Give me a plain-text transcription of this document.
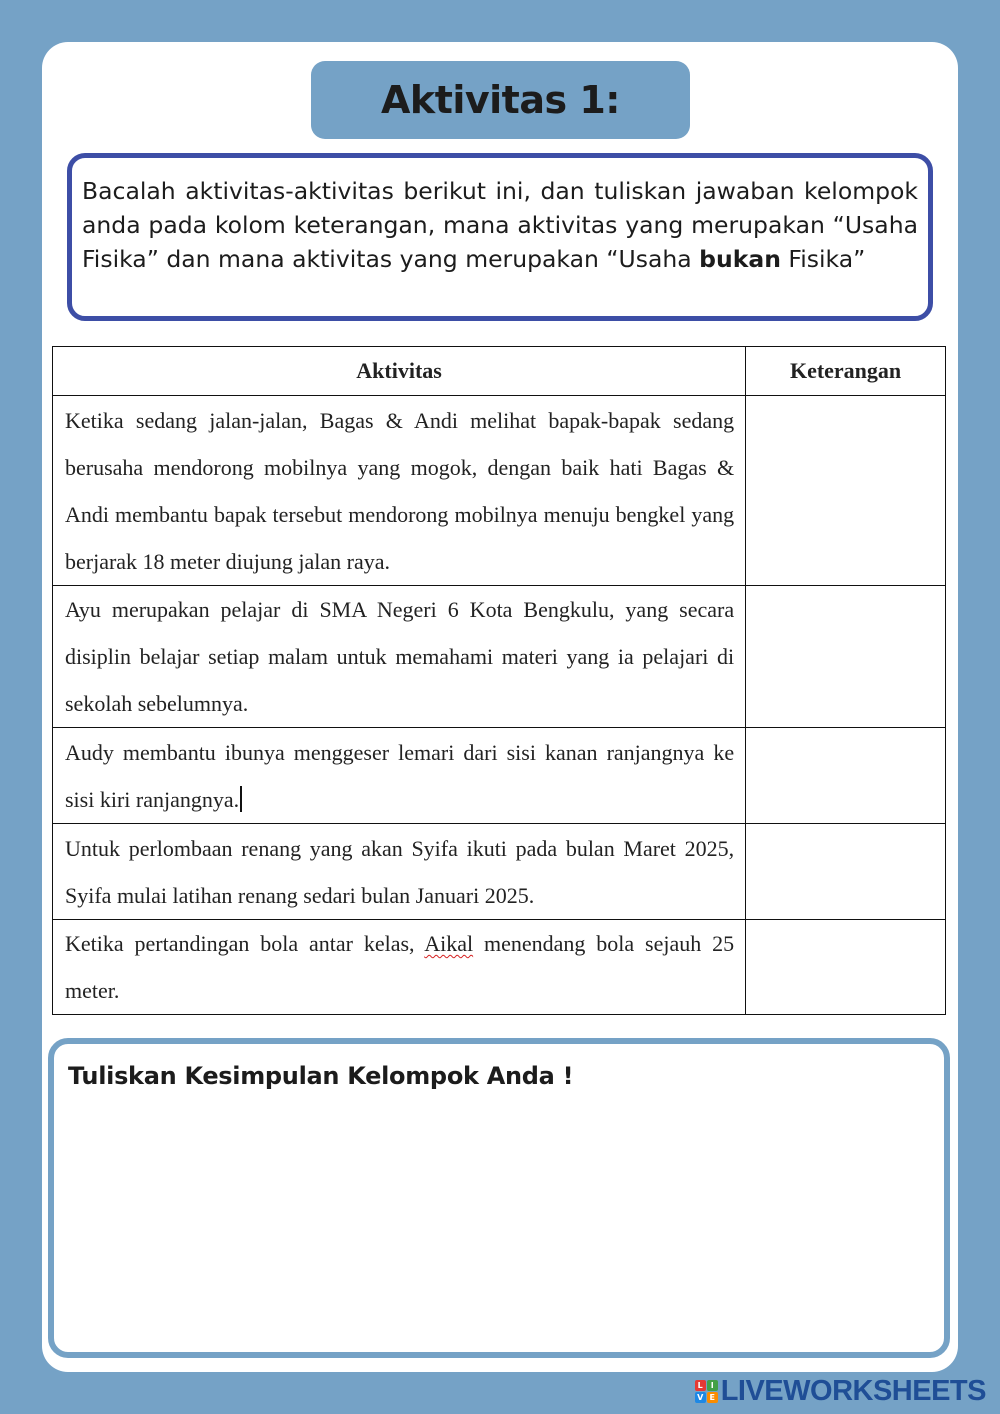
Aktivitas 1:
Bacalah aktivitas-aktivitas berikut ini, dan tuliskan jawaban kelompok anda pada kolom keterangan, mana aktivitas yang merupakan “Usaha Fisika” dan mana aktivitas yang merupakan “Usaha bukan Fisika”
Aktivitas	Keterangan
Ketika sedang jalan-jalan, Bagas & Andi melihat bapak-bapak sedang berusaha mendorong mobilnya yang mogok, dengan baik hati Bagas & Andi membantu bapak tersebut mendorong mobilnya menuju bengkel yang berjarak 18 meter diujung jalan raya.	
Ayu merupakan pelajar di SMA Negeri 6 Kota Bengkulu, yang secara disiplin belajar setiap malam untuk memahami materi yang ia pelajari di sekolah sebelumnya.	
Audy membantu ibunya menggeser lemari dari sisi kanan ranjangnya ke sisi kiri ranjangnya.	
Untuk perlombaan renang yang akan Syifa ikuti pada bulan Maret 2025, Syifa mulai latihan renang sedari bulan Januari 2025.	
Ketika pertandingan bola antar kelas, Aikal menendang bola sejauh 25 meter.	
Tuliskan Kesimpulan Kelompok Anda !
L I
V E LIVEWORKSHEETS
